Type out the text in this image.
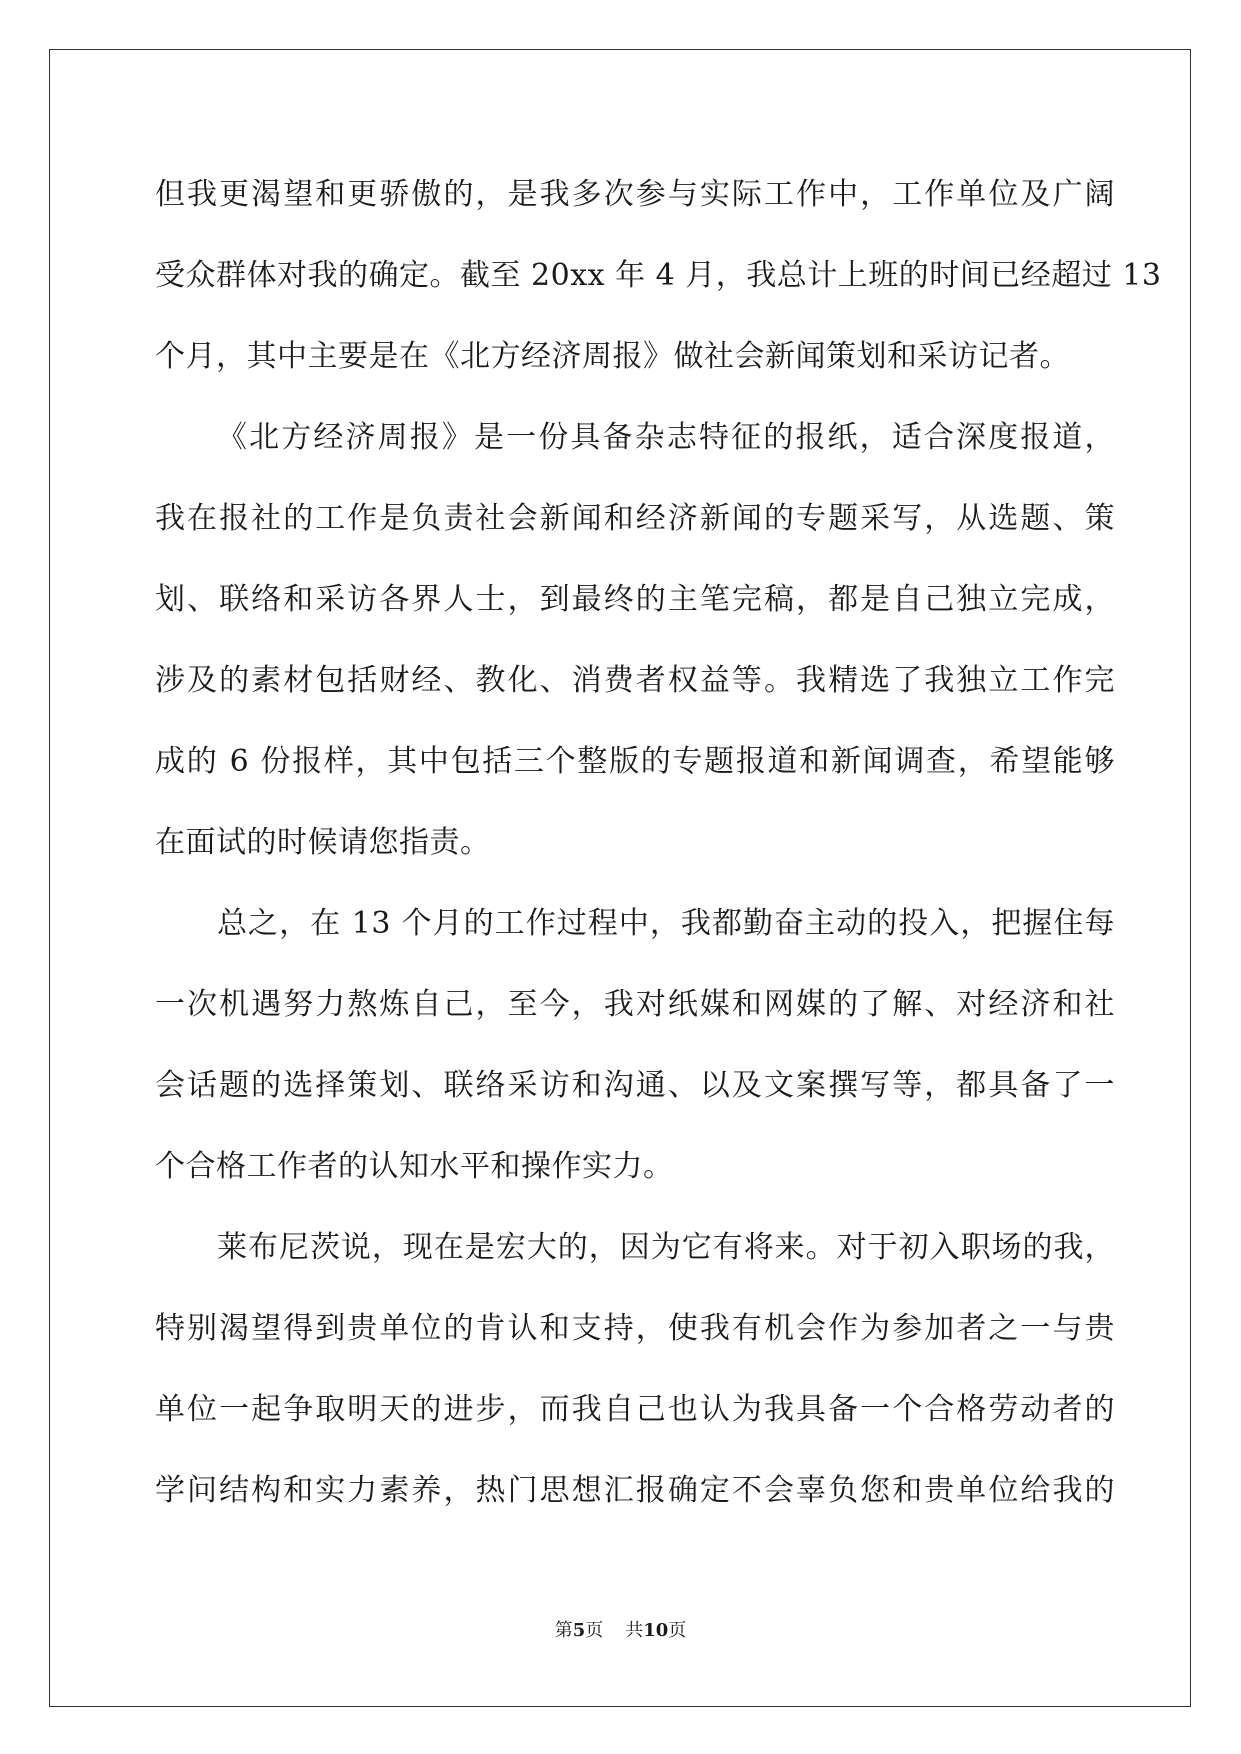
但我更渴望和更骄傲的，是我多次参与实际工作中，工作单位及广阔
受众群体对我的确定。截至 20xx 年 4 月，我总计上班的时间已经超过 13
个月，其中主要是在《北方经济周报》做社会新闻策划和采访记者。
《北方经济周报》是一份具备杂志特征的报纸，适合深度报道，
我在报社的工作是负责社会新闻和经济新闻的专题采写，从选题、策
划、联络和采访各界人士，到最终的主笔完稿，都是自己独立完成，
涉及的素材包括财经、教化、消费者权益等。我精选了我独立工作完
成的 6 份报样，其中包括三个整版的专题报道和新闻调查，希望能够
在面试的时候请您指责。
总之，在 13 个月的工作过程中，我都勤奋主动的投入，把握住每
一次机遇努力熬炼自己，至今，我对纸媒和网媒的了解、对经济和社
会话题的选择策划、联络采访和沟通、以及文案撰写等，都具备了一
个合格工作者的认知水平和操作实力。
莱布尼茨说，现在是宏大的，因为它有将来。对于初入职场的我，
特别渴望得到贵单位的肯认和支持，使我有机会作为参加者之一与贵
单位一起争取明天的进步，而我自己也认为我具备一个合格劳动者的
学问结构和实力素养，热门思想汇报确定不会辜负您和贵单位给我的
第5页 共10页
